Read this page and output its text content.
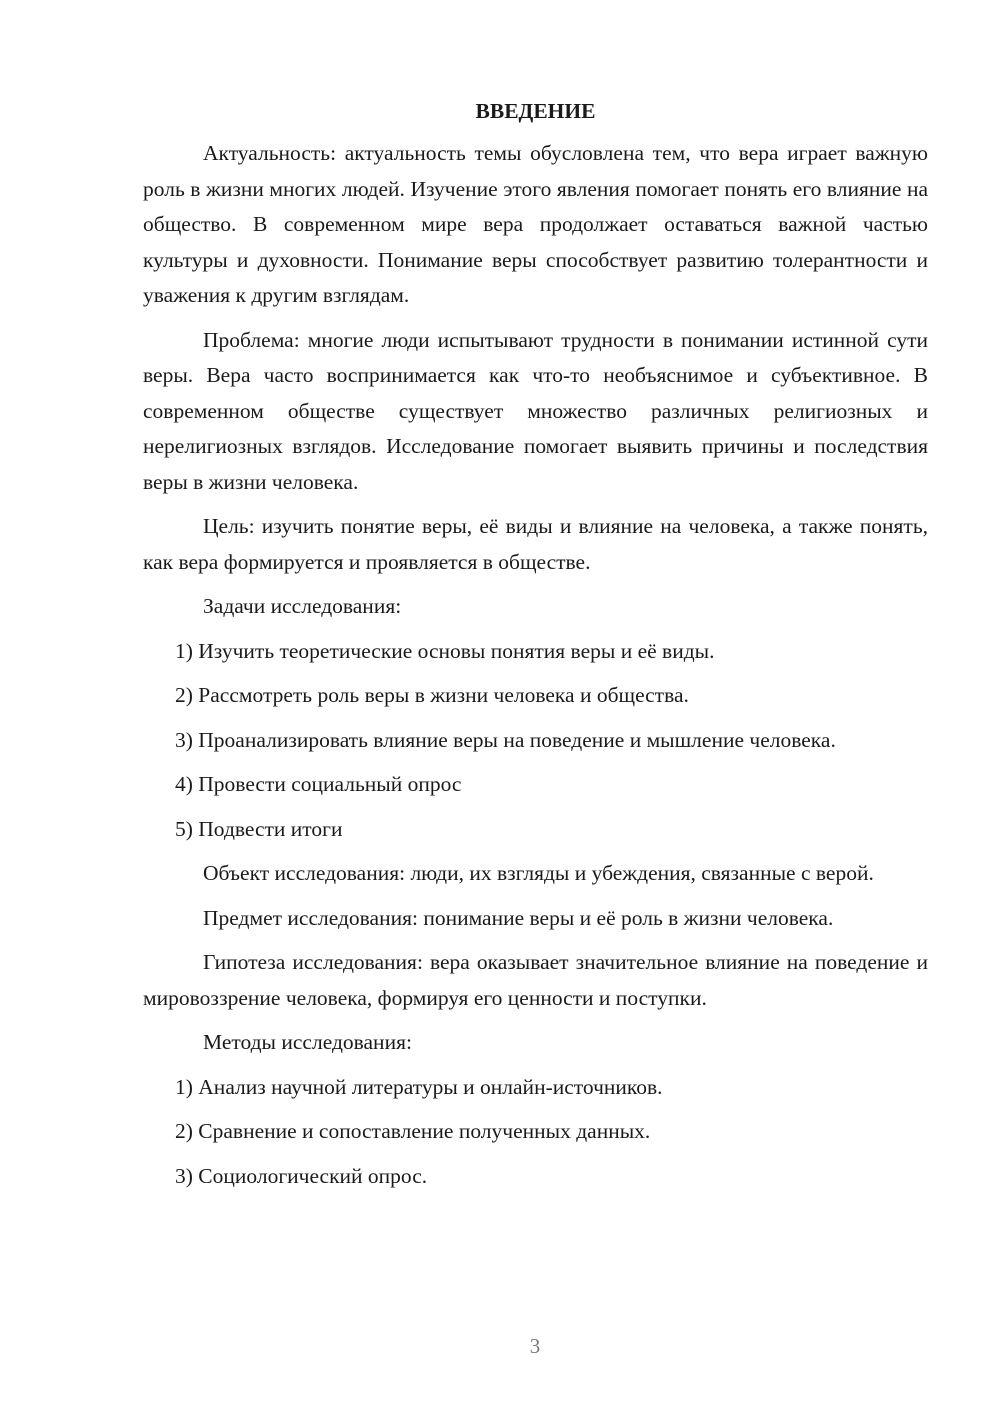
ВВЕДЕНИЕ

Актуальность: актуальность темы обусловлена тем, что вера играет важную роль в жизни многих людей. Изучение этого явления помогает понять его влияние на общество. В современном мире вера продолжает оставаться важной частью культуры и духовности. Понимание веры способствует развитию толерантности и уважения к другим взглядам.

Проблема: многие люди испытывают трудности в понимании истинной сути веры. Вера часто воспринимается как что-то необъяснимое и субъективное. В современном обществе существует множество различных религиозных и нерелигиозных взглядов. Исследование помогает выявить причины и последствия веры в жизни человека.

Цель: изучить понятие веры, её виды и влияние на человека, а также понять, как вера формируется и проявляется в обществе.

Задачи исследования:

1) Изучить теоретические основы понятия веры и её виды.

2) Рассмотреть роль веры в жизни человека и общества.

3) Проанализировать влияние веры на поведение и мышление человека.

4) Провести социальный опрос

5) Подвести итоги

Объект исследования: люди, их взгляды и убеждения, связанные с верой.

Предмет исследования: понимание веры и её роль в жизни человека.

Гипотеза исследования: вера оказывает значительное влияние на поведение и мировоззрение человека, формируя его ценности и поступки.

Методы исследования:

1) Анализ научной литературы и онлайн-источников.

2) Сравнение и сопоставление полученных данных.

3) Социологический опрос.

3
